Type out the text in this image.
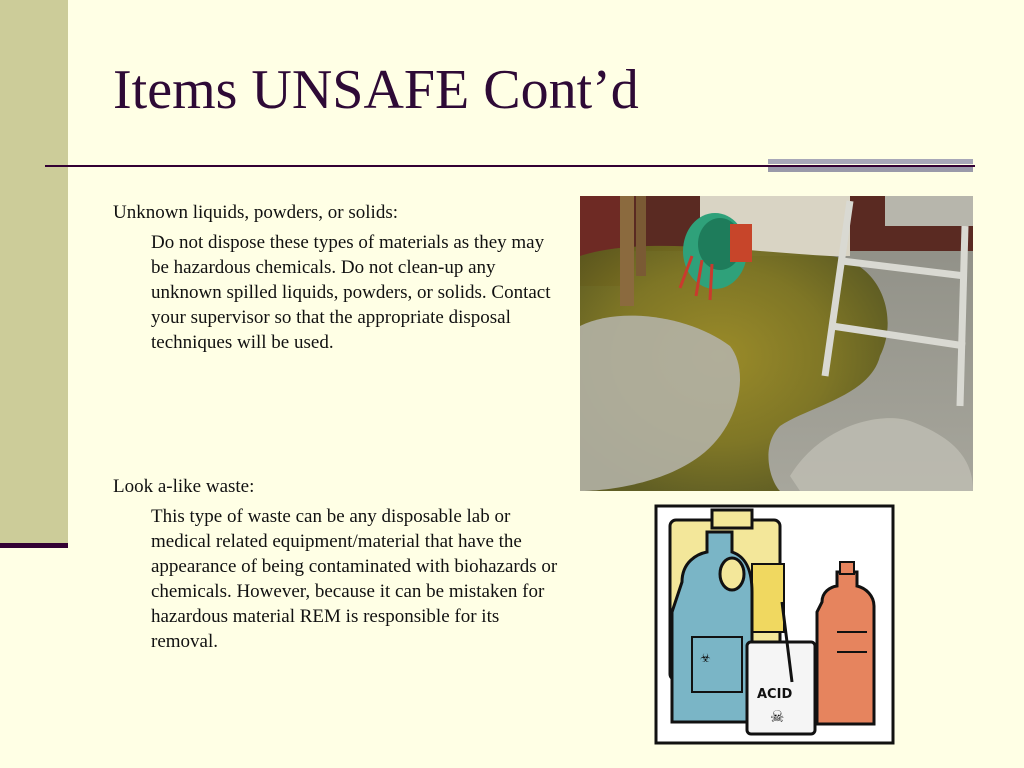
Items UNSAFE Cont’d

Unknown liquids, powders, or solids:

Do not dispose these types of materials as they may be hazardous chemicals. Do not clean-up any unknown spilled liquids, powders, or solids. Contact your supervisor so that the appropriate disposal techniques will be used.

Look a-like waste:

This type of waste can be any disposable lab or medical related equipment/material that have the appearance of being contaminated with biohazards or chemicals. However, because it can be mistaken for hazardous material REM is responsible for its removal.

☣
ACID
☠
